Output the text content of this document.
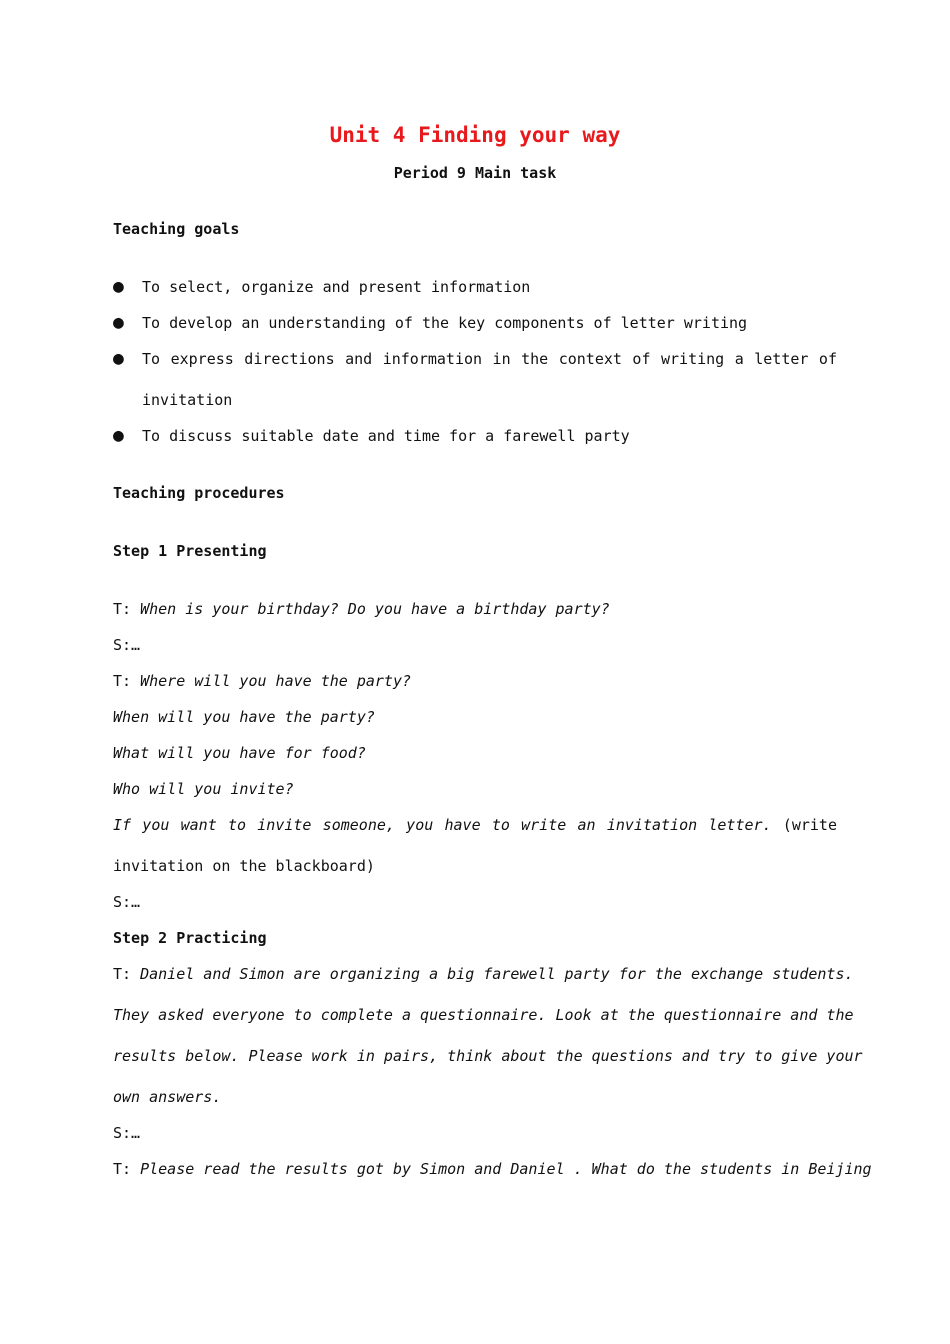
Unit 4 Finding your way
Period 9 Main task
Teaching goals
●
To select, organize and present information
●
To develop an understanding of the key components of letter writing
●
To express directions and information in the context of writing a letter of
invitation
●
To discuss suitable date and time for a farewell party
Teaching procedures
Step 1 Presenting
T: When is your birthday? Do you have a birthday party?
S:…
T: Where will you have the party?
When will you have the party?
What will you have for food?
Who will you invite?
If you want to invite someone, you have to write an invitation letter. (write
invitation on the blackboard)
S:…
Step 2 Practicing
T: Daniel and Simon are organizing a big farewell party for the exchange students.
They asked everyone to complete a questionnaire. Look at the questionnaire and the
results below. Please work in pairs, think about the questions and try to give your
own answers.
S:…
T: Please read the results got by Simon and Daniel . What do the students in Beijing
